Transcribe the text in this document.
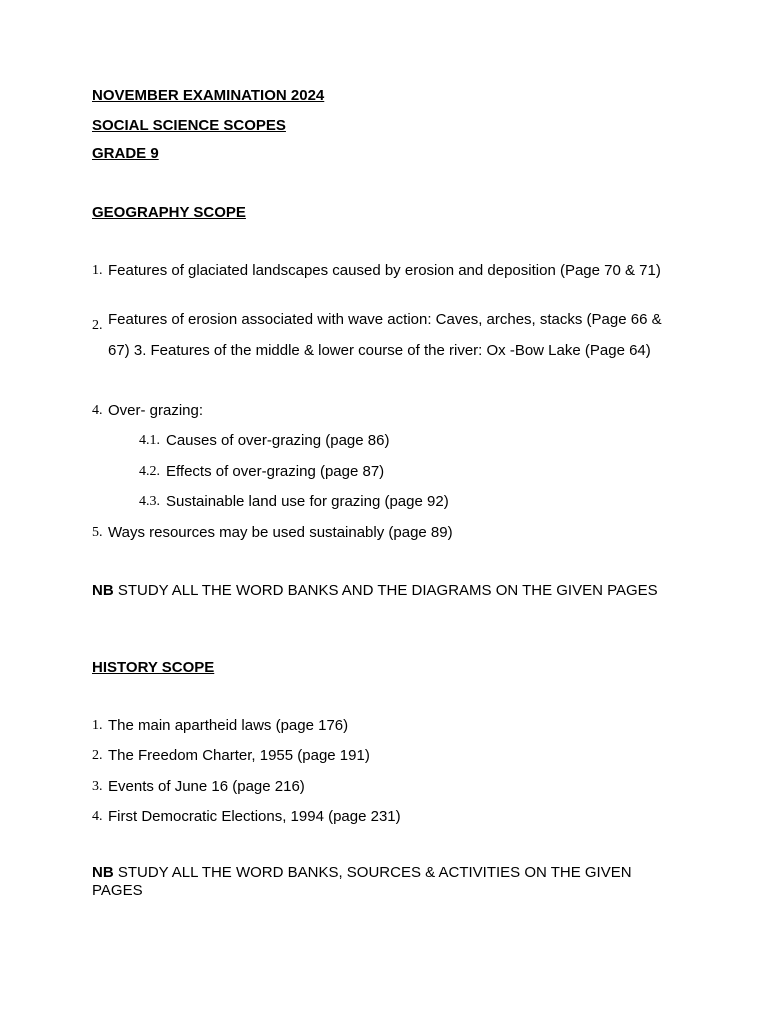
NOVEMBER EXAMINATION 2024
SOCIAL SCIENCE SCOPES
GRADE 9
GEOGRAPHY SCOPE
1. Features of glaciated landscapes caused by erosion and deposition (Page 70 & 71)
2. Features of erosion associated with wave action: Caves, arches, stacks (Page 66 & 67) 3. Features of the middle & lower course of the river: Ox -Bow Lake (Page 64)
4. Over- grazing:
4.1. Causes of over-grazing (page 86)
4.2. Effects of over-grazing (page 87)
4.3. Sustainable land use for grazing (page 92)
5. Ways resources may be used sustainably (page 89)
NB STUDY ALL THE WORD BANKS AND THE DIAGRAMS ON THE GIVEN PAGES
HISTORY SCOPE
1. The main apartheid laws (page 176)
2. The Freedom Charter, 1955 (page 191)
3. Events of June 16 (page 216)
4. First Democratic Elections, 1994 (page 231)
NB STUDY ALL THE WORD BANKS, SOURCES & ACTIVITIES ON THE GIVEN PAGES
